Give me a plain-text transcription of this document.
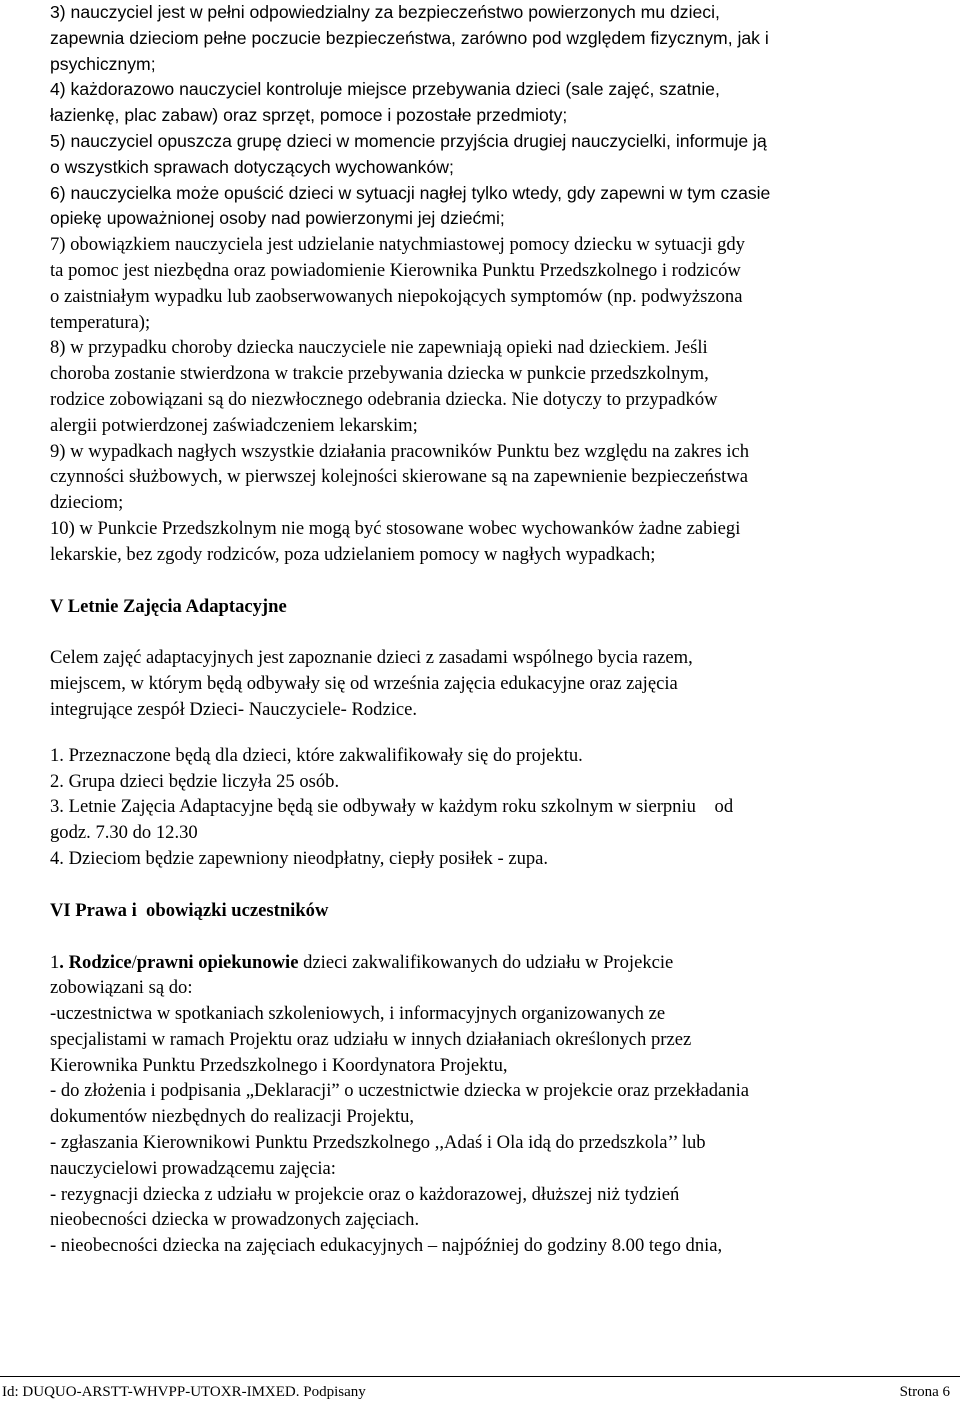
3) nauczyciel jest w pełni odpowiedzialny za bezpieczeństwo powierzonych mu dzieci,
zapewnia dzieciom pełne poczucie bezpieczeństwa, zarówno pod względem fizycznym, jak i
psychicznym;
4) każdorazowo nauczyciel kontroluje miejsce przebywania dzieci (sale zajęć, szatnie,
łazienkę, plac zabaw) oraz sprzęt, pomoce i pozostałe przedmioty;
5) nauczyciel opuszcza grupę dzieci w momencie przyjścia drugiej nauczycielki, informuje ją
o wszystkich sprawach dotyczących wychowanków;
6) nauczycielka może opuścić dzieci w sytuacji nagłej tylko wtedy, gdy zapewni w tym czasie
opiekę upoważnionej osoby nad powierzonymi jej dziećmi;
7) obowiązkiem nauczyciela jest udzielanie natychmiastowej pomocy dziecku w sytuacji gdy
ta pomoc jest niezbędna oraz powiadomienie Kierownika Punktu Przedszkolnego i rodziców
o zaistniałym wypadku lub zaobserwowanych niepokojących symptomów (np. podwyższona
temperatura);
8) w przypadku choroby dziecka nauczyciele nie zapewniają opieki nad dzieckiem. Jeśli
choroba zostanie stwierdzona w trakcie przebywania dziecka w punkcie przedszkolnym,
rodzice zobowiązani są do niezwłocznego odebrania dziecka. Nie dotyczy to przypadków
alergii potwierdzonej zaświadczeniem lekarskim;
9) w wypadkach nagłych wszystkie działania pracowników Punktu bez względu na zakres ich
czynności służbowych, w pierwszej kolejności skierowane są na zapewnienie bezpieczeństwa
dzieciom;
10) w Punkcie Przedszkolnym nie mogą być stosowane wobec wychowanków żadne zabiegi
lekarskie, bez zgody rodziców, poza udzielaniem pomocy w nagłych wypadkach;
V Letnie Zajęcia Adaptacyjne
Celem zajęć adaptacyjnych jest zapoznanie dzieci z zasadami wspólnego bycia razem,
miejscem, w którym będą odbywały się od września zajęcia edukacyjne oraz zajęcia
integrujące zespół Dzieci- Nauczyciele- Rodzice.
1. Przeznaczone będą dla dzieci, które zakwalifikowały się do projektu.
2. Grupa dzieci będzie liczyła 25 osób.
3. Letnie Zajęcia Adaptacyjne będą sie odbywały w każdym roku szkolnym w sierpniu    od
godz. 7.30 do 12.30
4. Dzieciom będzie zapewniony nieodpłatny, ciepły posiłek - zupa.
VI Prawa i  obowiązki uczestników
1. Rodzice/prawni opiekunowie dzieci zakwalifikowanych do udziału w Projekcie
zobowiązani są do:
-uczestnictwa w spotkaniach szkoleniowych, i informacyjnych organizowanych ze
specjalistami w ramach Projektu oraz udziału w innych działaniach określonych przez
Kierownika Punktu Przedszkolnego i Koordynatora Projektu,
- do złożenia i podpisania „Deklaracji” o uczestnictwie dziecka w projekcie oraz przekładania
dokumentów niezbędnych do realizacji Projektu,
- zgłaszania Kierownikowi Punktu Przedszkolnego ,,Adaś i Ola idą do przedszkola’’ lub
nauczycielowi prowadzącemu zajęcia:
- rezygnacji dziecka z udziału w projekcie oraz o każdorazowej, dłuższej niż tydzień
nieobecności dziecka w prowadzonych zajęciach.
- nieobecności dziecka na zajęciach edukacyjnych – najpóźniej do godziny 8.00 tego dnia,
Id: DUQUO-ARSTT-WHVPP-UTOXR-IMXED. Podpisany	Strona 6
